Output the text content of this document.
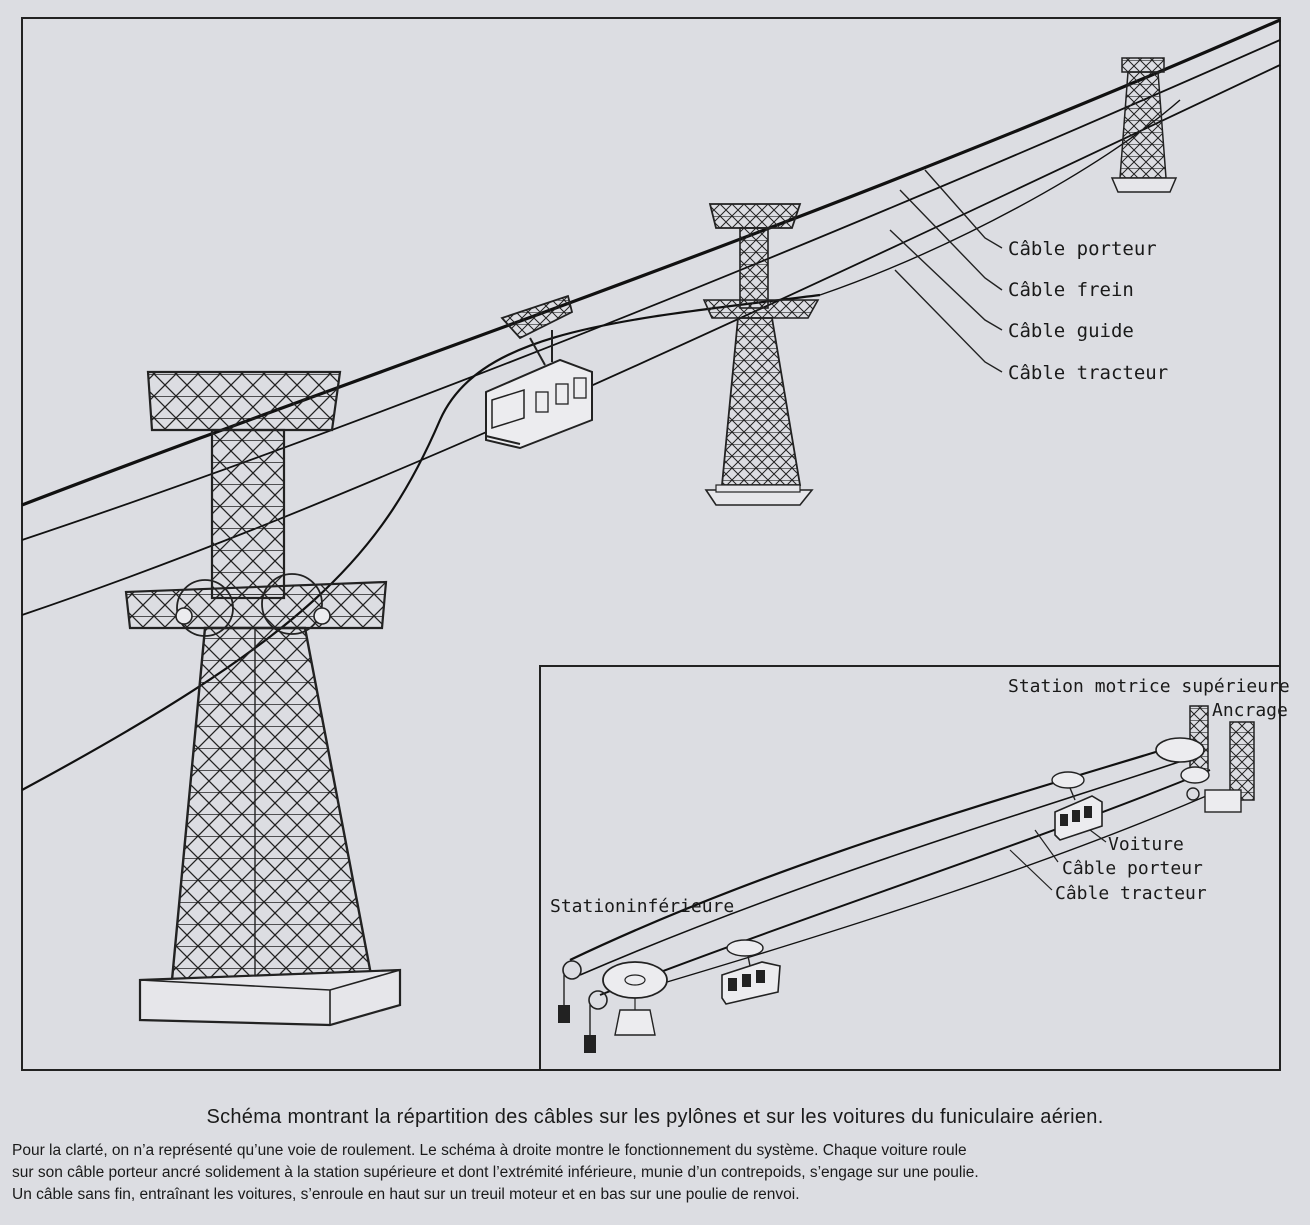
Câble porteur
Câble frein
Câble guide
Câble tracteur
Station motrice supérieure
Ancrage
Voiture
Câble porteur
Câble tracteur
Stationinférieure
Schéma montrant la répartition des câbles sur les pylônes et sur les voitures du funiculaire aérien.
Pour la clarté, on n’a représenté qu’une voie de roulement. Le schéma à droite montre le fonctionnement du système. Chaque voiture roule
sur son câble porteur ancré solidement à la station supérieure et dont l’extrémité inférieure, munie d’un contrepoids, s’engage sur une poulie.
Un câble sans fin, entraînant les voitures, s’enroule en haut sur un treuil moteur et en bas sur une poulie de renvoi.
